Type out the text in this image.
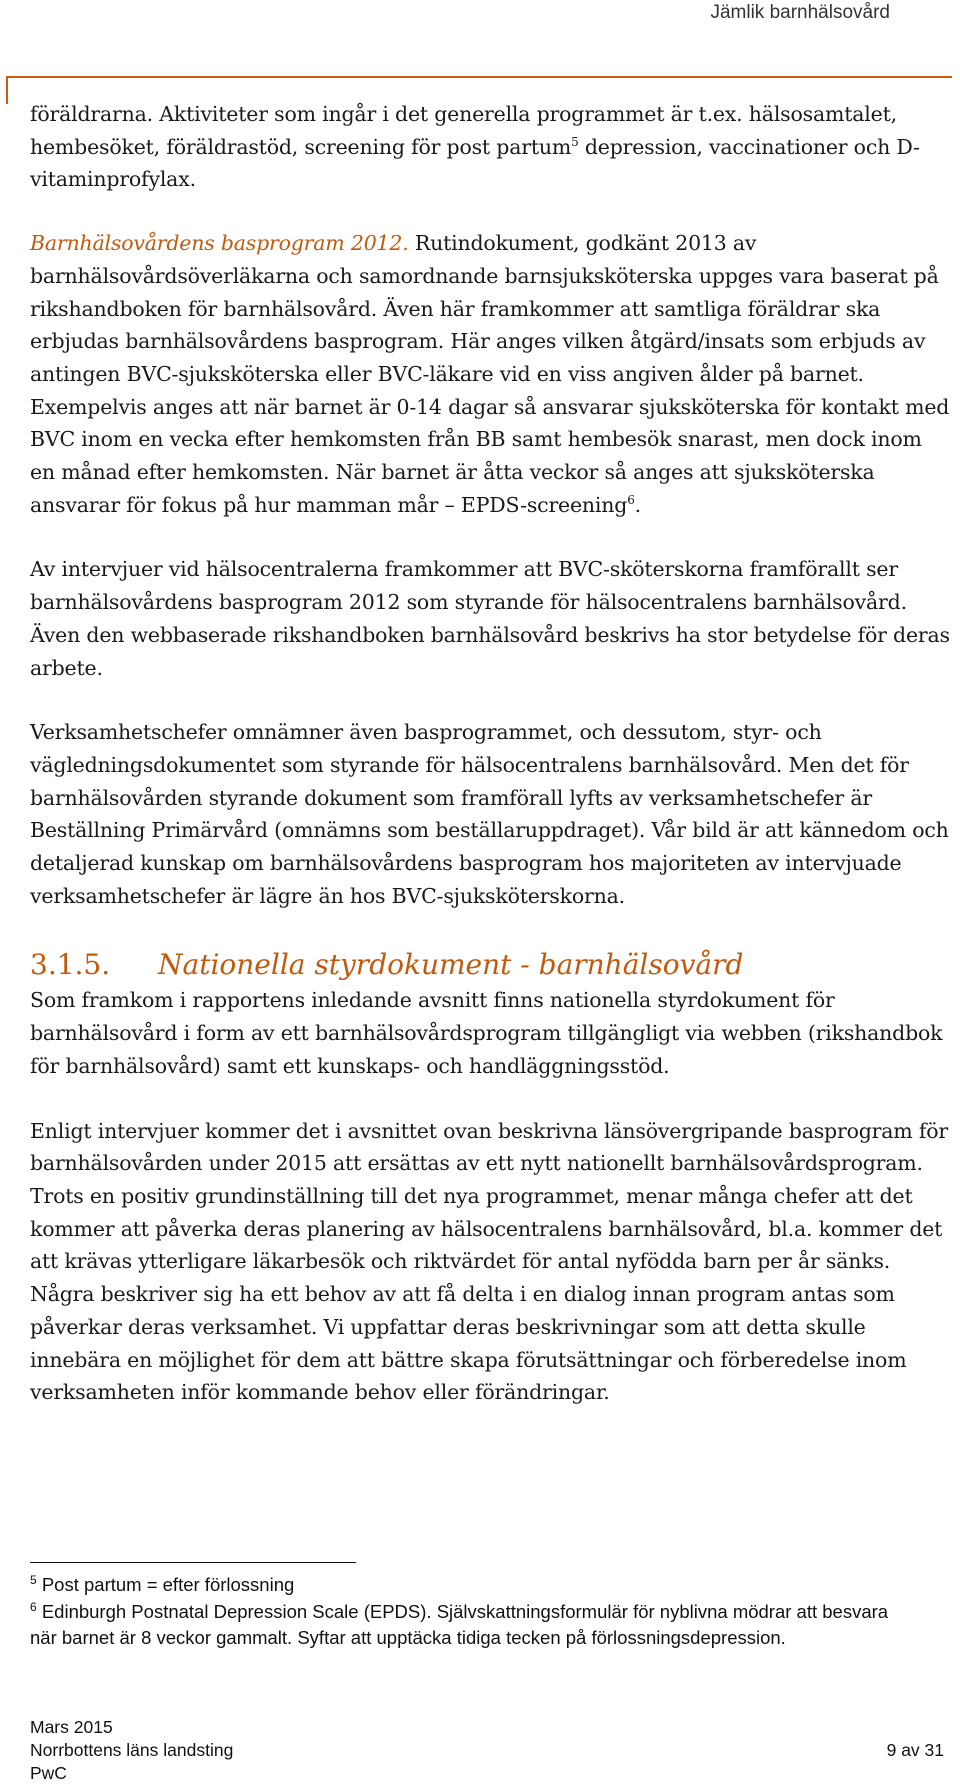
Jämlik barnhälsovård

föräldrarna. Aktiviteter som ingår i det generella programmet är t.ex. hälsosamtalet, hembesöket, föräldrastöd, screening för post partum$^5$ depression, vaccinationer och D-vitaminprofylax.

Barnhälsovårdens basprogram 2012. Rutindokument, godkänt 2013 av barnhälsovårdsöverläkarna och samordnande barnsjuksköterska uppges vara baserat på rikshandboken för barnhälsovård. Även här framkommer att samtliga föräldrar ska erbjudas barnhälsovårdens basprogram. Här anges vilken åtgärd/insats som erbjuds av antingen BVC-sjuksköterska eller BVC-läkare vid en viss angiven ålder på barnet. Exempelvis anges att när barnet är 0-14 dagar så ansvarar sjuksköterska för kontakt med BVC inom en vecka efter hemkomsten från BB samt hembesök snarast, men dock inom en månad efter hemkomsten. När barnet är åtta veckor så anges att sjuksköterska ansvarar för fokus på hur mamman mår – EPDS-screening$^6$.

Av intervjuer vid hälsocentralerna framkommer att BVC-sköterskorna framförallt ser barnhälsovårdens basprogram 2012 som styrande för hälsocentralens barnhälsovård. Även den webbaserade rikshandboken barnhälsovård beskrivs ha stor betydelse för deras arbete.

Verksamhetschefer omnämner även basprogrammet, och dessutom, styr- och vägledningsdokumentet som styrande för hälsocentralens barnhälsovård. Men det för barnhälsovården styrande dokument som framförall lyfts av verksamhetschefer är Beställning Primärvård (omnämns som beställaruppdraget). Vår bild är att kännedom och detaljerad kunskap om barnhälsovårdens basprogram hos majoriteten av intervjuade verksamhetschefer är lägre än hos BVC-sjuksköterskorna.

3.1.5. Nationella styrdokument - barnhälsovård

Som framkom i rapportens inledande avsnitt finns nationella styrdokument för barnhälsovård i form av ett barnhälsovårdsprogram tillgängligt via webben (rikshandbok för barnhälsovård) samt ett kunskaps- och handläggningsstöd.

Enligt intervjuer kommer det i avsnittet ovan beskrivna länsövergripande basprogram för barnhälsovården under 2015 att ersättas av ett nytt nationellt barnhälsovårdsprogram. Trots en positiv grundinställning till det nya programmet, menar många chefer att det kommer att påverka deras planering av hälsocentralens barnhälsovård, bl.a. kommer det att krävas ytterligare läkarbesök och riktvärdet för antal nyfödda barn per år sänks. Några beskriver sig ha ett behov av att få delta i en dialog innan program antas som påverkar deras verksamhet. Vi uppfattar deras beskrivningar som att detta skulle innebära en möjlighet för dem att bättre skapa förutsättningar och förberedelse inom verksamheten inför kommande behov eller förändringar.

$^5$ Post partum = efter förlossning

$^6$ Edinburgh Postnatal Depression Scale (EPDS). Självskattningsformulär för nyblivna mödrar att besvara när barnet är 8 veckor gammalt. Syftar att upptäcka tidiga tecken på förlossningsdepression.

Mars 2015
Norrbottens läns landsting	9 av 31
PwC
